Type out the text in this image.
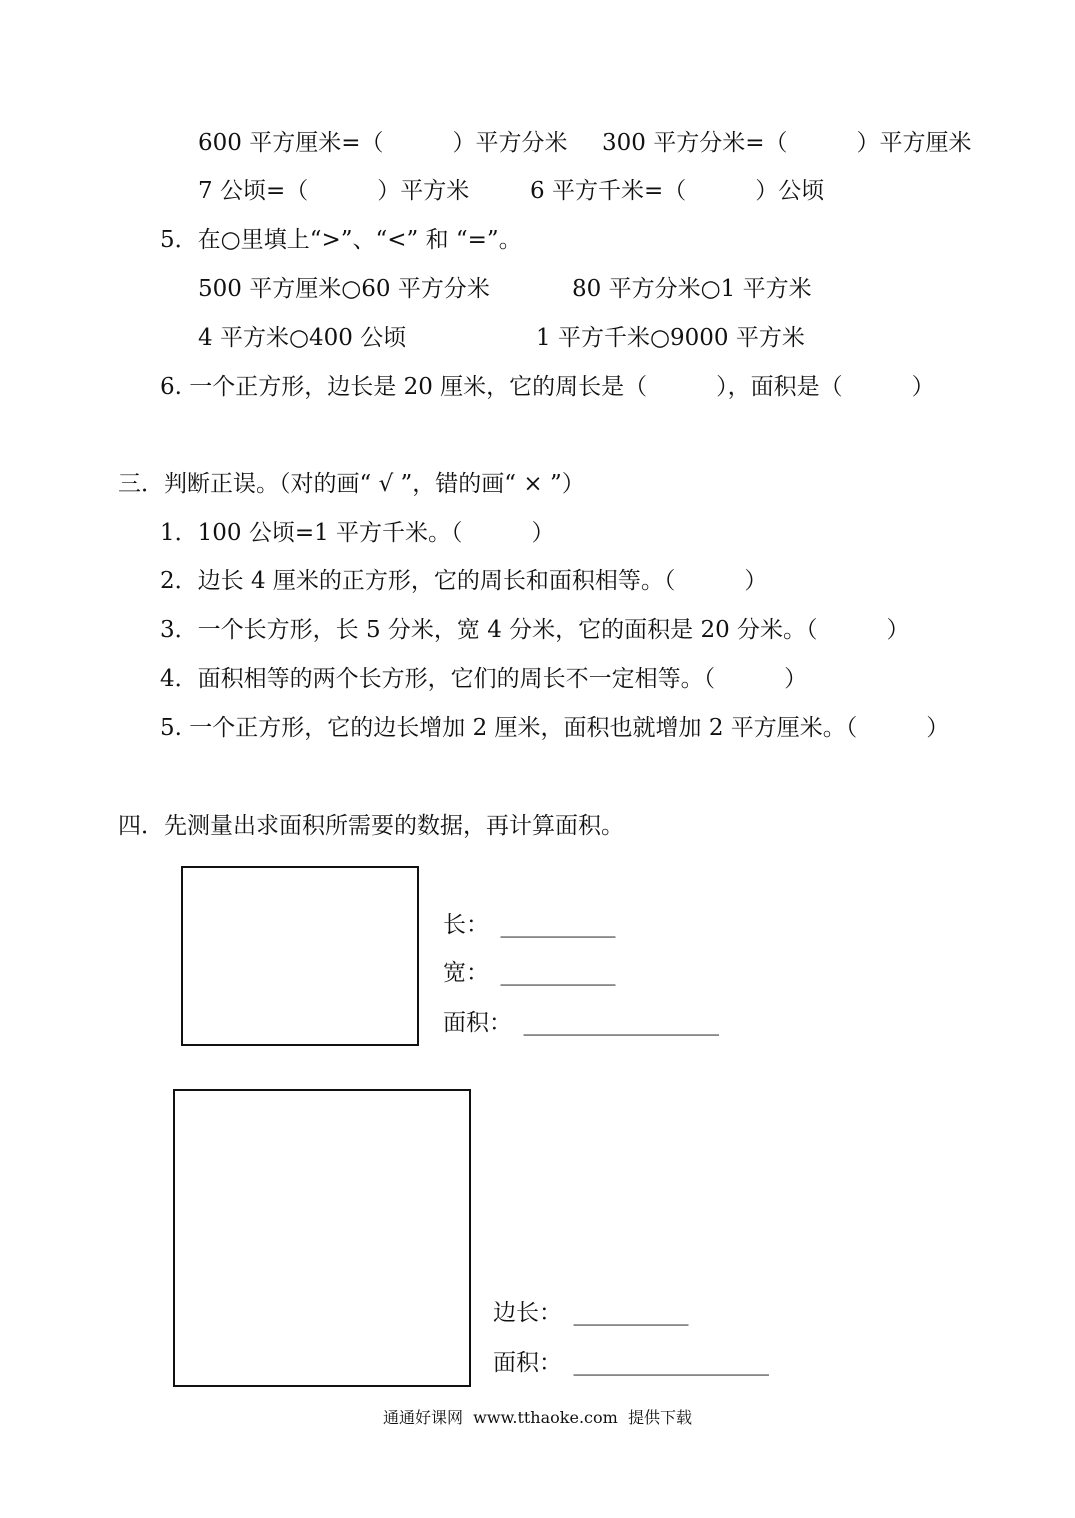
600 平方厘米=（　　　）平方分米 300 平方分米=（　　　）平方厘米
7 公顷=（　　　）平方米	6 平方千米=（　　　）公顷
5．在○里填上“>”、“<” 和 “=”。
500 平方厘米○60 平方分米	80 平方分米○1 平方米
4 平方米○400 公顷	1 平方千米○9000 平方米
6. 一个正方形，边长是 20 厘米，它的周长是（　　　），面积是（　　　）
三．判断正误。（对的画“ √ ”，错的画“ × ”）
1．100 公顷=1 平方千米。（　　　）
2．边长 4 厘米的正方形，它的周长和面积相等。（　　　）
3．一个长方形，长 5 分米，宽 4 分米，它的面积是 20 分米。（　　　）
4．面积相等的两个长方形，它们的周长不一定相等。（　　　）
5. 一个正方形，它的边长增加 2 厘米，面积也就增加 2 平方厘米。（　　　）
四．先测量出求面积所需要的数据，再计算面积。
长：　__________
宽：　__________
面积：　_________________
边长：　__________
面积：　_________________
通通好课网  www.tthaoke.com  提供下载
